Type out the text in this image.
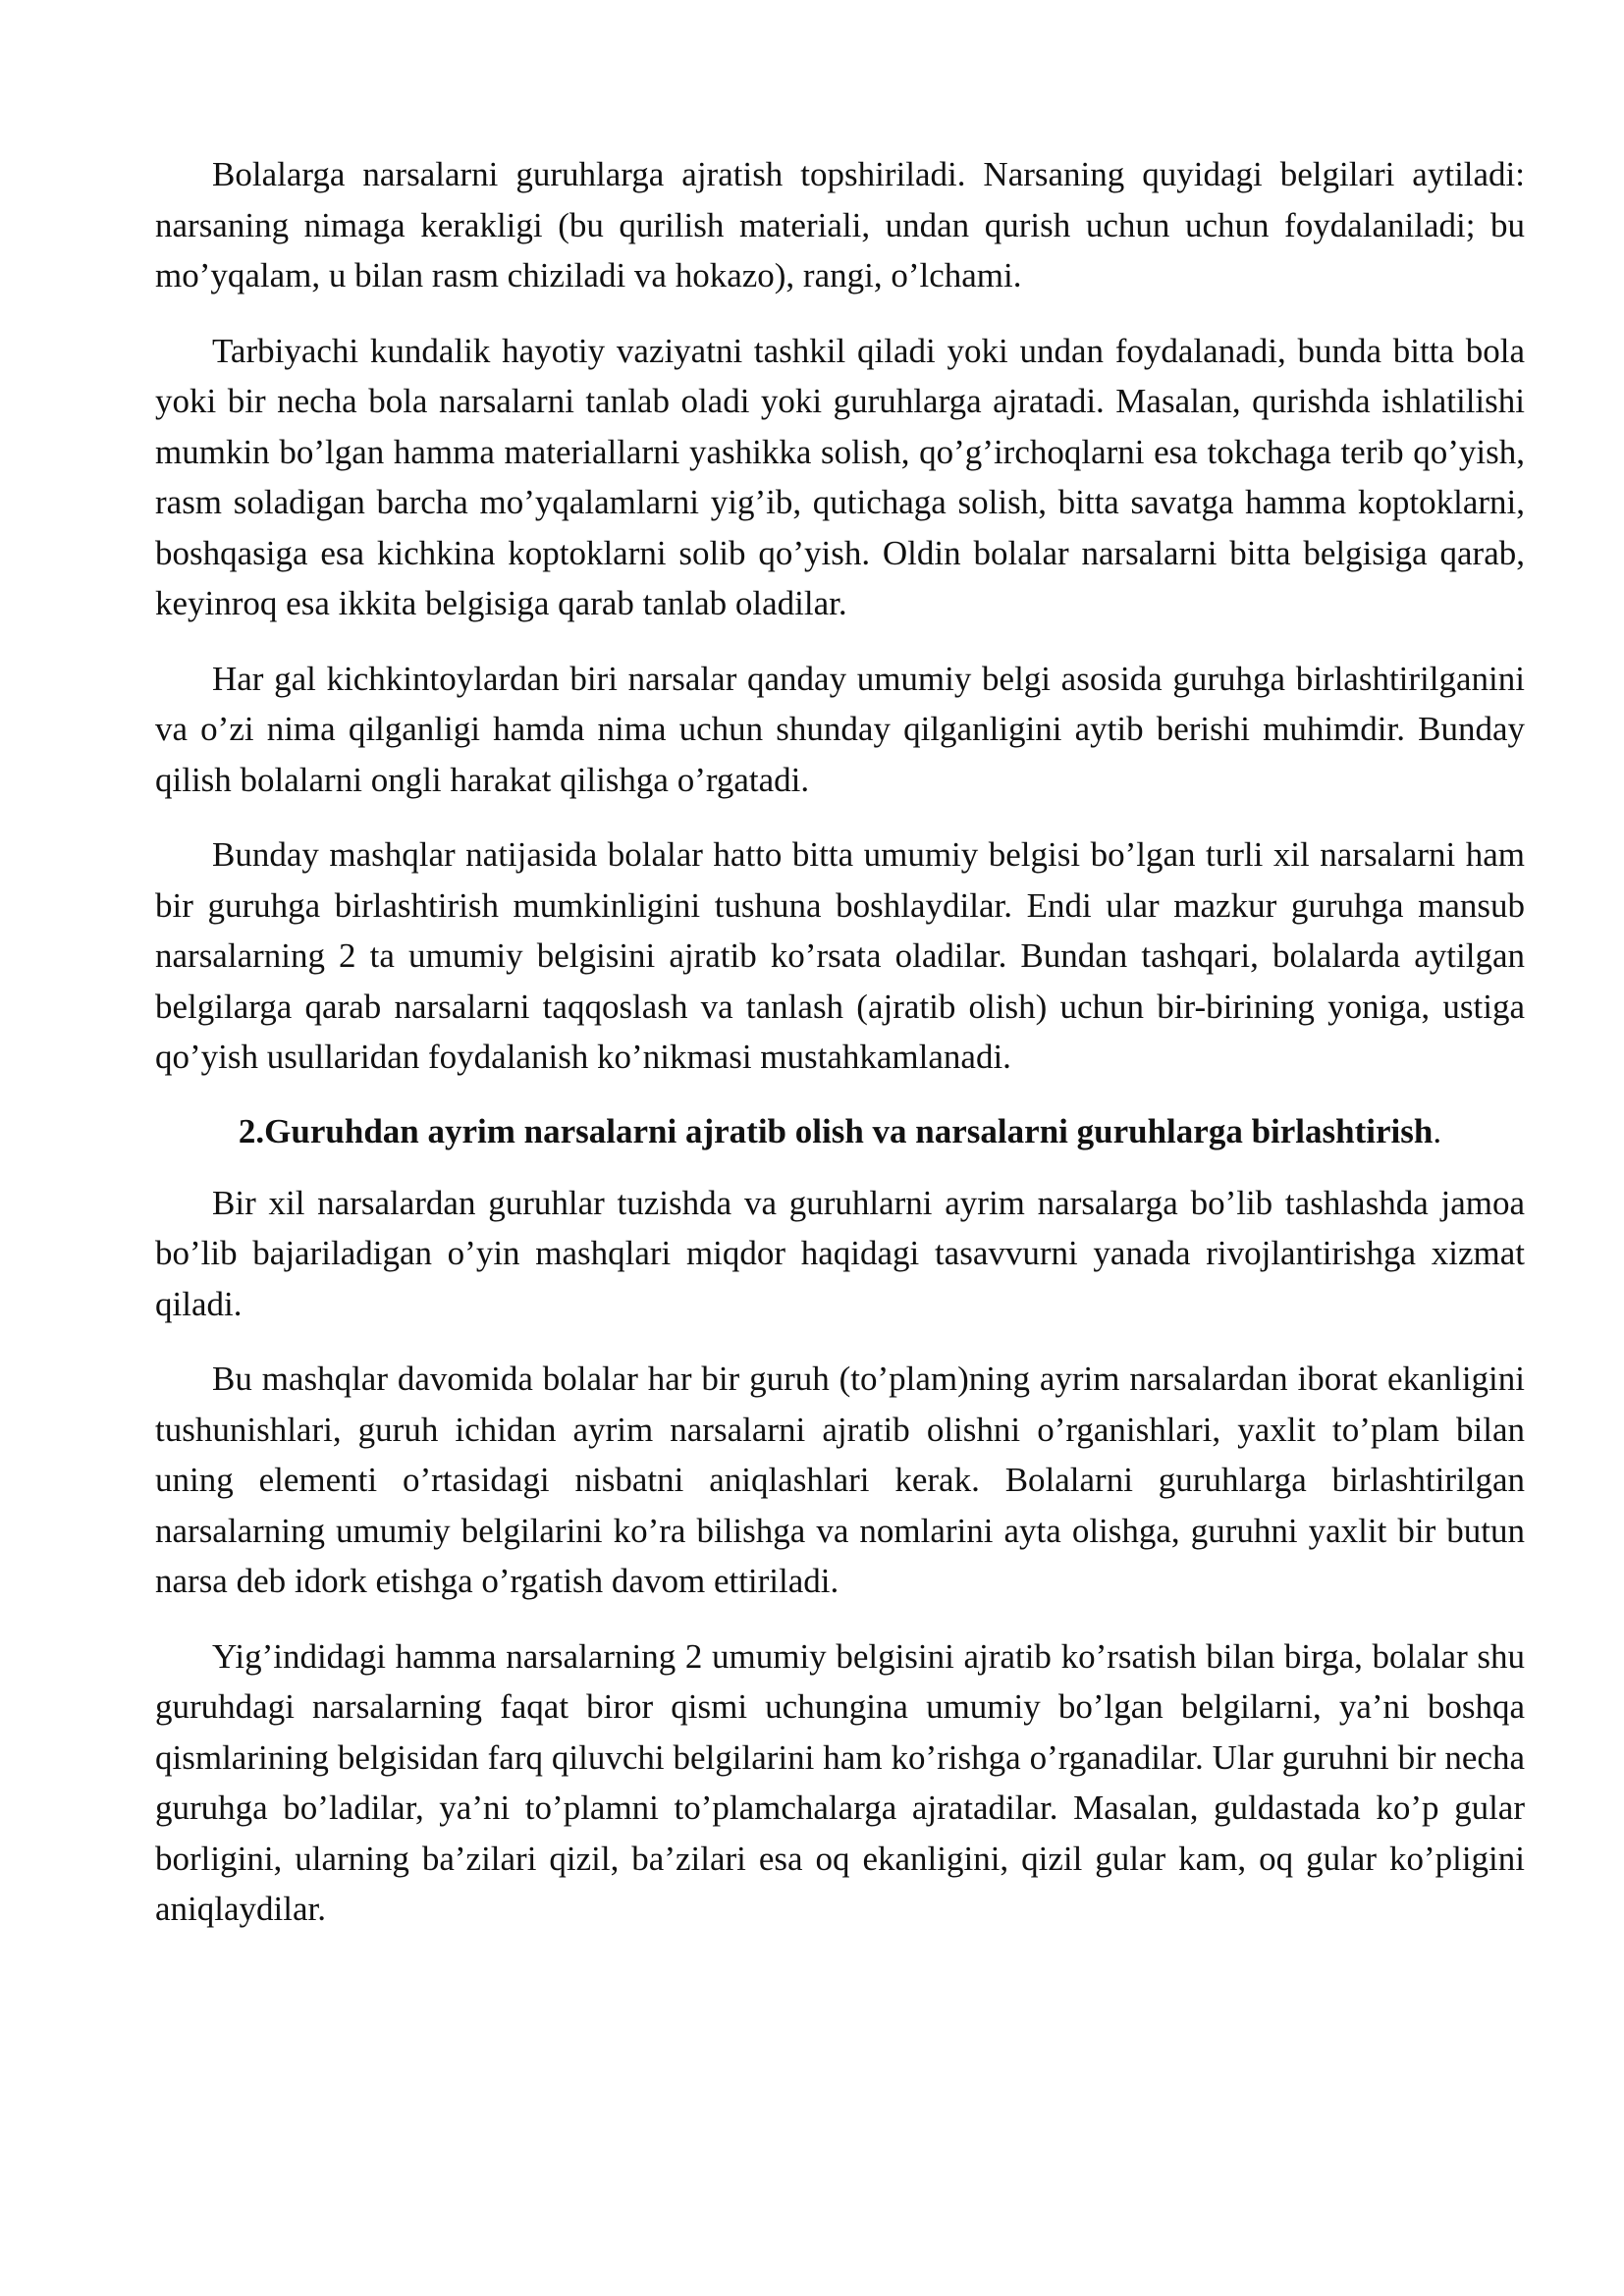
Bolalarga narsalarni guruhlarga ajratish topshiriladi. Narsaning quyidagi belgilari aytiladi: narsaning nimaga kerakligi (bu qurilish materiali, undan qurish uchun uchun foydalaniladi; bu mo’yqalam, u bilan rasm chiziladi va hokazo), rangi, o’lchami.

Tarbiyachi kundalik hayotiy vaziyatni tashkil qiladi yoki undan foydalanadi, bunda bitta bola yoki bir necha bola narsalarni tanlab oladi yoki guruhlarga ajratadi. Masalan, qurishda ishlatilishi mumkin bo’lgan hamma materiallarni yashikka solish, qo’g’irchoqlarni esa tokchaga terib qo’yish, rasm soladigan barcha mo’yqalamlarni yig’ib, qutichaga solish, bitta savatga hamma koptoklarni, boshqasiga esa kichkina koptoklarni solib qo’yish. Oldin bolalar narsalarni bitta belgisiga qarab, keyinroq esa ikkita belgisiga qarab tanlab oladilar.

Har gal kichkintoylardan biri narsalar qanday umumiy belgi asosida guruhga birlashtirilganini va o’zi nima qilganligi hamda nima uchun shunday qilganligini aytib berishi muhimdir. Bunday qilish bolalarni ongli harakat qilishga o’rgatadi.

Bunday mashqlar natijasida bolalar hatto bitta umumiy belgisi bo’lgan turli xil narsalarni ham bir guruhga birlashtirish mumkinligini tushuna boshlaydilar. Endi ular mazkur guruhga mansub narsalarning 2 ta umumiy belgisini ajratib ko’rsata oladilar. Bundan tashqari, bolalarda aytilgan belgilarga qarab narsalarni taqqoslash va tanlash (ajratib olish) uchun bir-birining yoniga, ustiga qo’yish usullaridan foydalanish ko’nikmasi mustahkamlanadi.

2.Guruhdan ayrim narsalarni ajratib olish va narsalarni guruhlarga birlashtirish.

Bir xil narsalardan guruhlar tuzishda va guruhlarni ayrim narsalarga bo’lib tashlashda jamoa bo’lib bajariladigan o’yin mashqlari miqdor haqidagi tasavvurni yanada rivojlantirishga xizmat qiladi.

Bu mashqlar davomida bolalar har bir guruh (to’plam)ning ayrim narsalardan iborat ekanligini tushunishlari, guruh ichidan ayrim narsalarni ajratib olishni o’rganishlari, yaxlit to’plam bilan uning elementi o’rtasidagi nisbatni aniqlashlari kerak. Bolalarni guruhlarga birlashtirilgan narsalarning umumiy belgilarini ko’ra bilishga va nomlarini ayta olishga, guruhni yaxlit bir butun narsa deb idork etishga o’rgatish davom ettiriladi.

Yig’indidagi hamma narsalarning 2 umumiy belgisini ajratib ko’rsatish bilan birga, bolalar shu guruhdagi narsalarning faqat biror qismi uchungina umumiy bo’lgan belgilarni, ya’ni boshqa qismlarining belgisidan farq qiluvchi belgilarini ham ko’rishga o’rganadilar. Ular guruhni bir necha guruhga bo’ladilar, ya’ni to’plamni to’plamchalarga ajratadilar. Masalan, guldastada ko’p gular borligini, ularning ba’zilari qizil, ba’zilari esa oq ekanligini, qizil gular kam, oq gular ko’pligini aniqlaydilar.
